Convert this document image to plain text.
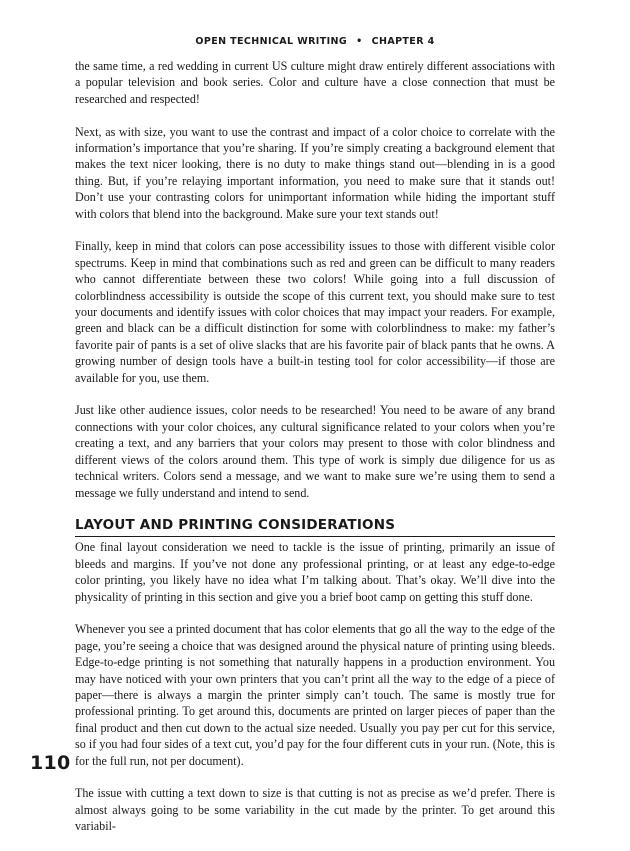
OPEN TECHNICAL WRITING • CHAPTER 4

the same time, a red wedding in current US culture might draw entirely different associations with a popular television and book series. Color and culture have a close connection that must be researched and respected!

Next, as with size, you want to use the contrast and impact of a color choice to correlate with the information’s importance that you’re sharing. If you’re simply creating a background element that makes the text nicer looking, there is no duty to make things stand out—blending in is a good thing. But, if you’re relaying important information, you need to make sure that it stands out! Don’t use your contrasting colors for unimportant information while hiding the important stuff with colors that blend into the background. Make sure your text stands out!

Finally, keep in mind that colors can pose accessibility issues to those with different visible color spectrums. Keep in mind that combinations such as red and green can be difficult to many readers who cannot differentiate between these two colors! While going into a full discussion of colorblindness accessibility is outside the scope of this current text, you should make sure to test your documents and identify issues with color choices that may impact your readers. For example, green and black can be a difficult distinction for some with colorblindness to make: my father’s favorite pair of pants is a set of olive slacks that are his favorite pair of black pants that he owns. A growing number of design tools have a built-in testing tool for color accessibility—if those are available for you, use them.

Just like other audience issues, color needs to be researched! You need to be aware of any brand connections with your color choices, any cultural significance related to your colors when you’re creating a text, and any barriers that your colors may present to those with color blindness and different views of the colors around them. This type of work is simply due diligence for us as technical writers. Colors send a message, and we want to make sure we’re using them to send a message we fully understand and intend to send.

LAYOUT AND PRINTING CONSIDERATIONS

One final layout consideration we need to tackle is the issue of printing, primarily an issue of bleeds and margins. If you’ve not done any professional printing, or at least any edge-to-edge color printing, you likely have no idea what I’m talking about. That’s okay. We’ll dive into the physicality of printing in this section and give you a brief boot camp on getting this stuff done.

Whenever you see a printed document that has color elements that go all the way to the edge of the page, you’re seeing a choice that was designed around the physical nature of printing using bleeds. Edge-to-edge printing is not something that naturally happens in a production environment. You may have noticed with your own printers that you can’t print all the way to the edge of a piece of paper—there is always a margin the printer simply can’t touch. The same is mostly true for professional printing. To get around this, documents are printed on larger pieces of paper than the final product and then cut down to the actual size needed. Usually you pay per cut for this service, so if you had four sides of a text cut, you’d pay for the four different cuts in your run. (Note, this is for the full run, not per document).

The issue with cutting a text down to size is that cutting is not as precise as we’d prefer. There is almost always going to be some variability in the cut made by the printer. To get around this variabil-

110
